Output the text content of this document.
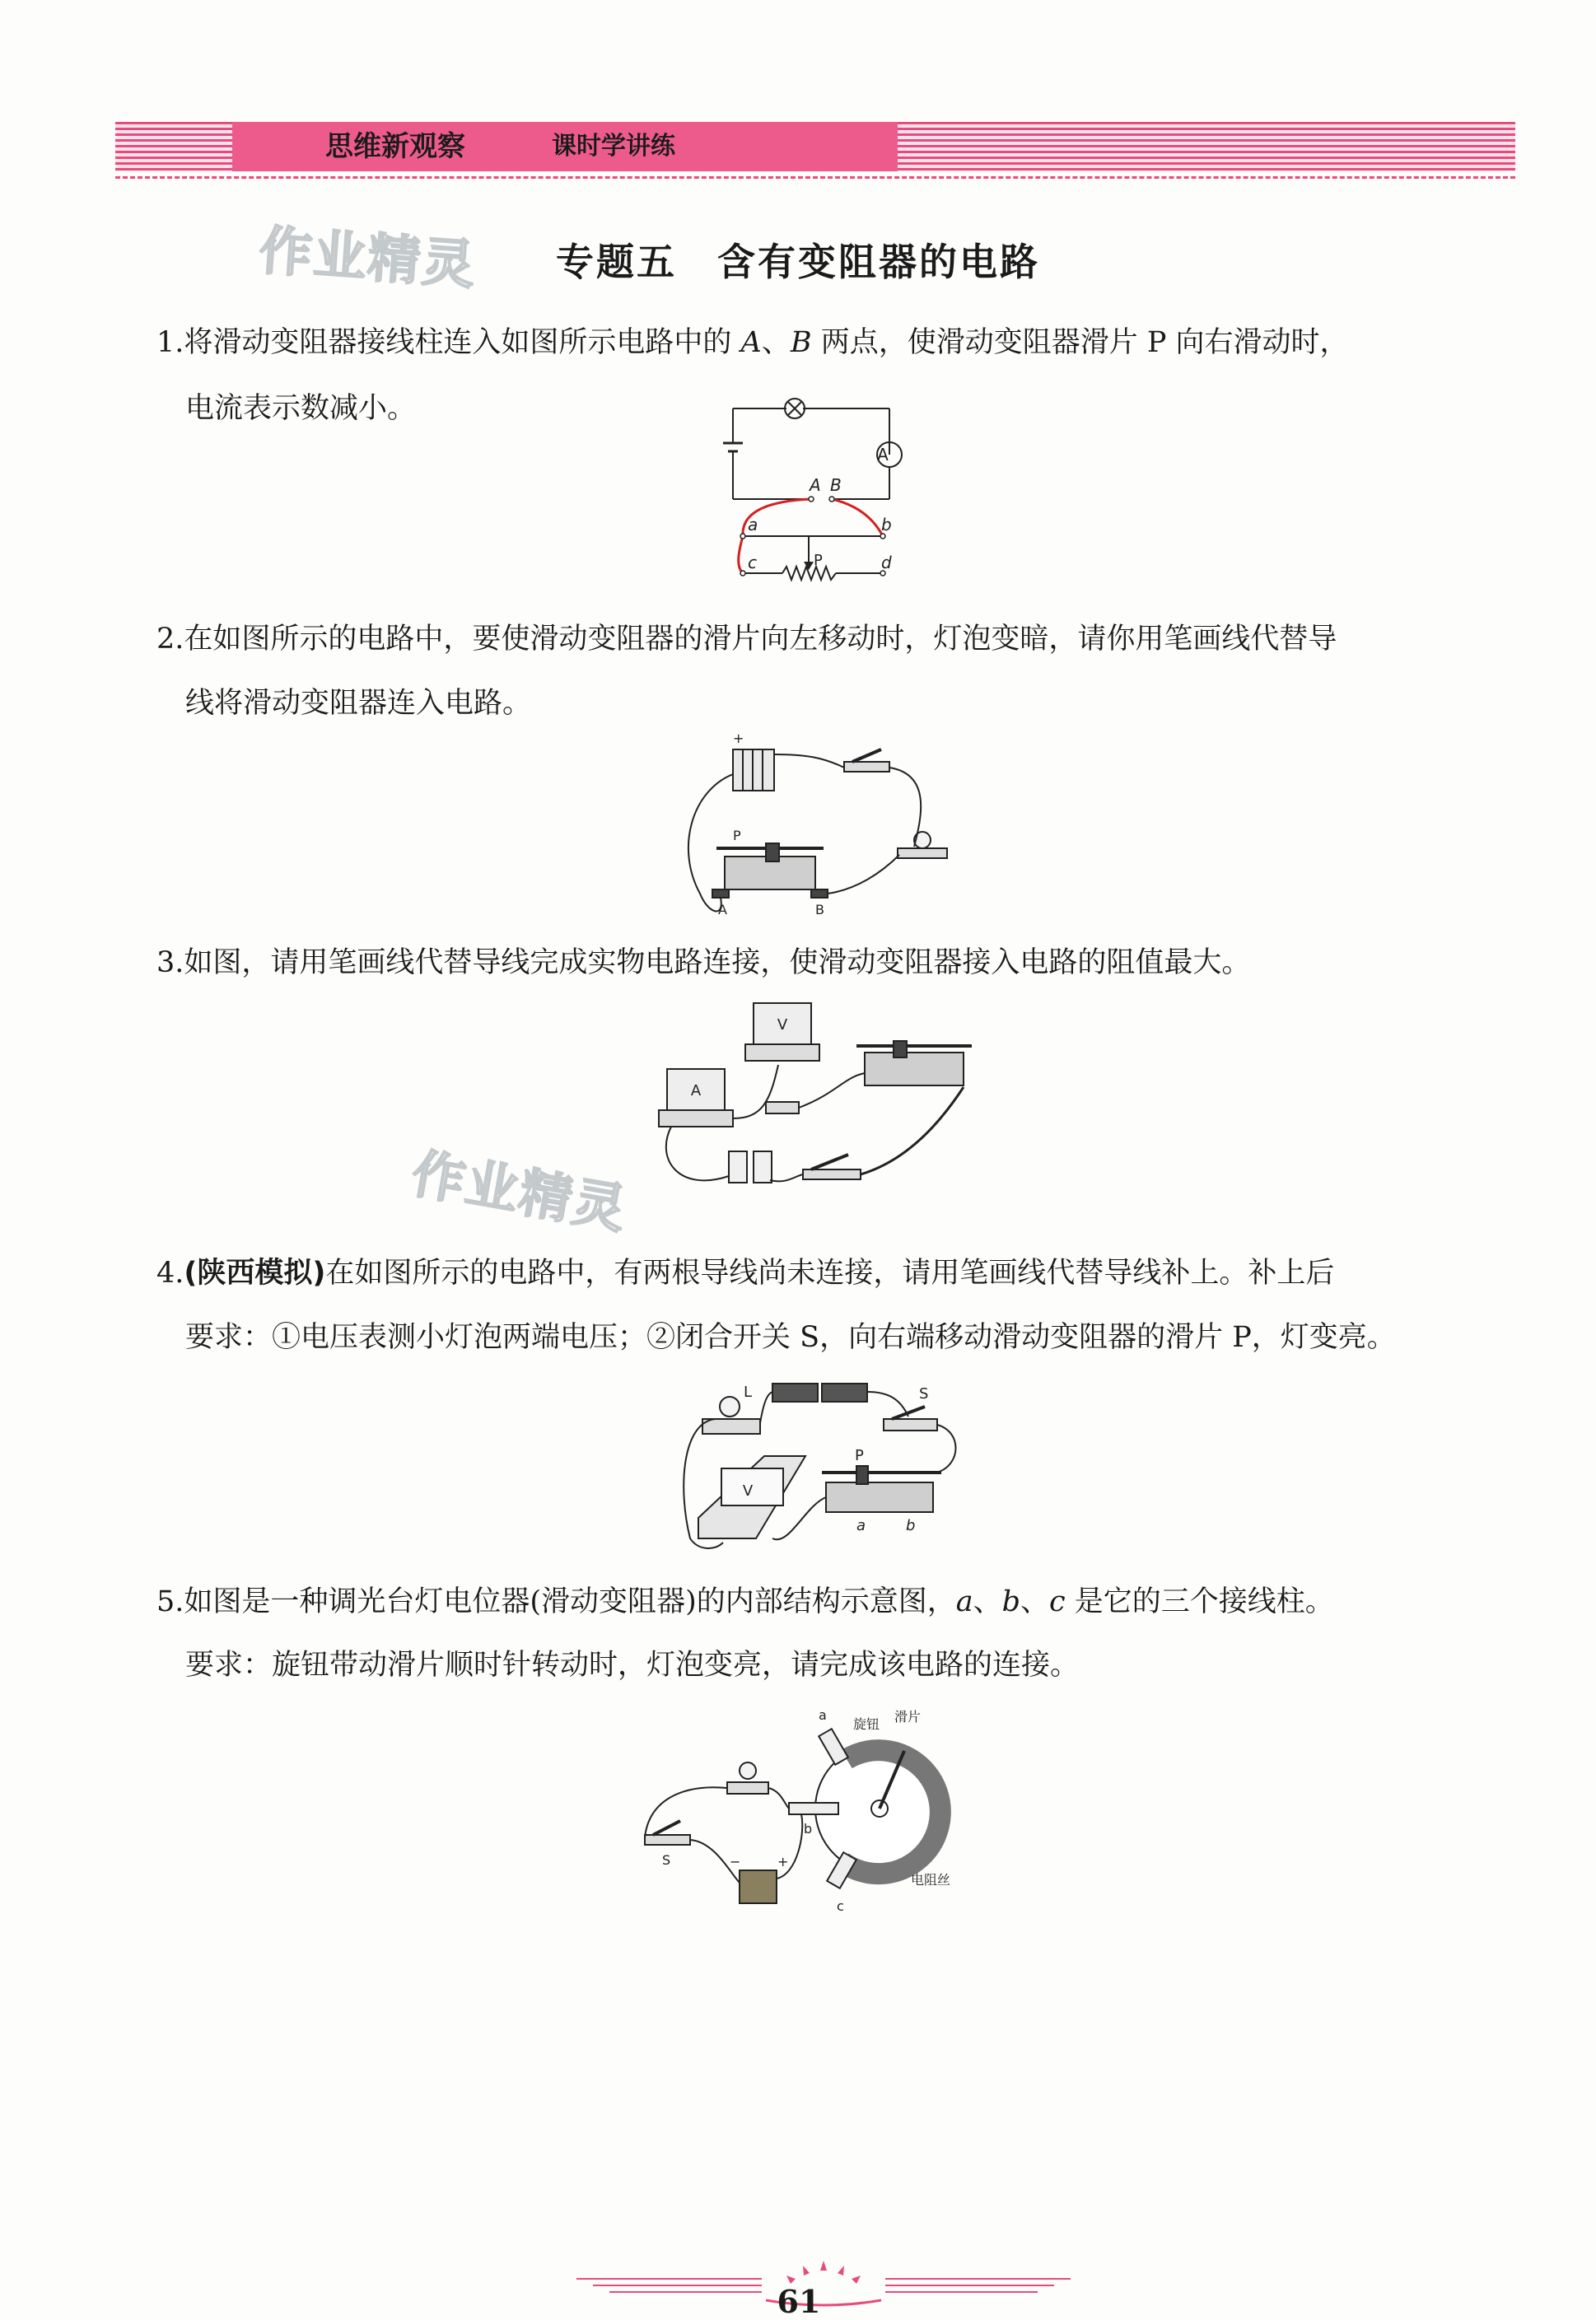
思维新观察	课时学讲练
作业精灵
作业精灵
专题五　含有变阻器的电路
1.将滑动变阻器接线柱连入如图所示电路中的 A、B 两点，使滑动变阻器滑片 P 向右滑动时，
电流表示数减小。
A B
a	b
c	d
A
P
2.在如图所示的电路中，要使滑动变阻器的滑片向左移动时，灯泡变暗，请你用笔画线代替导
线将滑动变阻器连入电路。
+
P
A	B
3.如图，请用笔画线代替导线完成实物电路连接，使滑动变阻器接入电路的阻值最大。
V
A
4.(陕西模拟)在如图所示的电路中，有两根导线尚未连接，请用笔画线代替导线补上。补上后
要求：①电压表测小灯泡两端电压；②闭合开关 S，向右端移动滑动变阻器的滑片 P，灯变亮。
L	S
P
V
a	b
5.如图是一种调光台灯电位器(滑动变阻器)的内部结构示意图，a、b、c 是它的三个接线柱。
要求：旋钮带动滑片顺时针转动时，灯泡变亮，请完成该电路的连接。
旋钮 滑片
电阻丝
a
b
c
S	−	+
61
